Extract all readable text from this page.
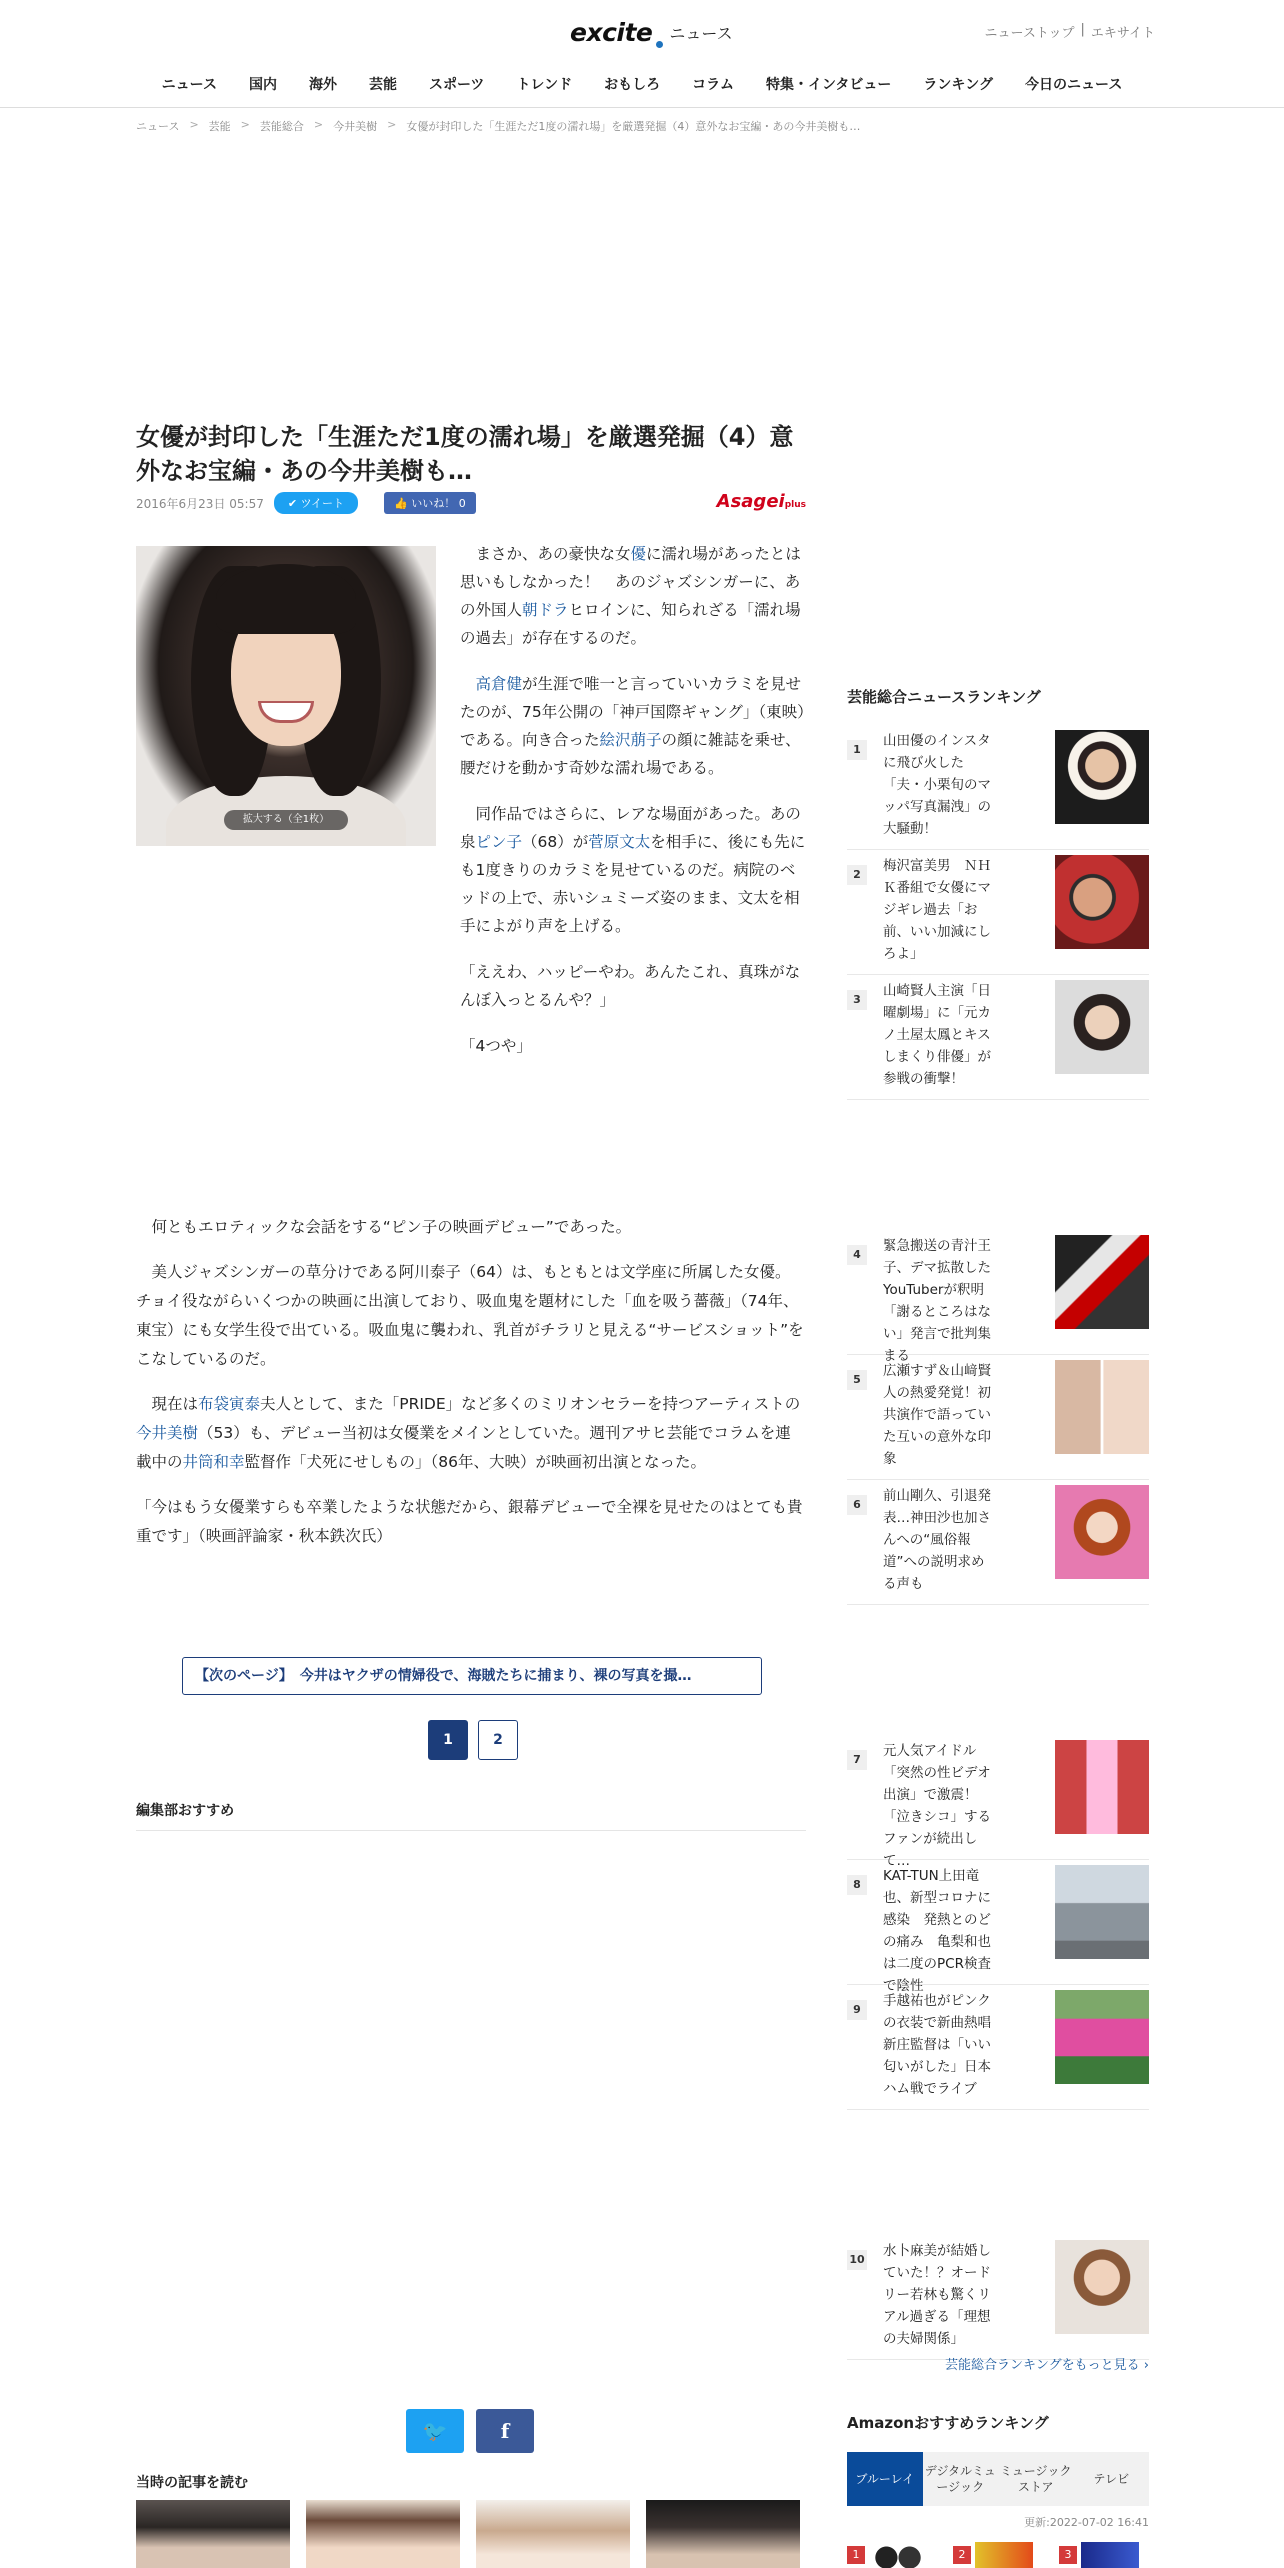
excite ニュース	ニューストップ | エキサイト
ニュース 国内 海外 芸能 スポーツ トレンド おもしろ コラム 特集・インタビュー ランキング 今日のニュース
ニュース > 芸能 > 芸能総合 > 今井美樹 > 女優が封印した「生涯ただ1度の濡れ場」を厳選発掘（4）意外なお宝編・あの今井美樹も…
女優が封印した「生涯ただ1度の濡れ場」を厳選発掘（4）意外なお宝編・あの今井美樹も…
2016年6月23日 05:57	✔︎ ツイート	👍 いいね！ 0	Asageiplus
拡大する（全1枚）

まさか、あの豪快な女優に濡れ場があったとは思いもしなかった！　あのジャズシンガーに、あの外国人朝ドラヒロインに、知られざる「濡れ場の過去」が存在するのだ。

高倉健が生涯で唯一と言っていいカラミを見せたのが、75年公開の「神戸国際ギャング」（東映）である。向き合った絵沢萠子の顔に雑誌を乗せ、腰だけを動かす奇妙な濡れ場である。

同作品ではさらに、レアな場面があった。あの泉ピン子（68）が菅原文太を相手に、後にも先にも1度きりのカラミを見せているのだ。病院のベッドの上で、赤いシュミーズ姿のまま、文太を相手によがり声を上げる。

「ええわ、ハッピーやわ。あんたこれ、真珠がなんぼ入っとるんや？」

「4つや」

何ともエロティックな会話をする“ピン子の映画デビュー”であった。

美人ジャズシンガーの草分けである阿川泰子（64）は、もともとは文学座に所属した女優。チョイ役ながらいくつかの映画に出演しており、吸血鬼を題材にした「血を吸う薔薇」（74年、東宝）にも女学生役で出ている。吸血鬼に襲われ、乳首がチラリと見える“サービスショット”をこなしているのだ。

現在は布袋寅泰夫人として、また「PRIDE」など多くのミリオンセラーを持つアーティストの今井美樹（53）も、デビュー当初は女優業をメインとしていた。週刊アサヒ芸能でコラムを連載中の井筒和幸監督作「犬死にせしもの」（86年、大映）が映画初出演となった。

「今はもう女優業すらも卒業したような状態だから、銀幕デビューで全裸を見せたのはとても貴重です」（映画評論家・秋本鉄次氏）

【次のページ】　今井はヤクザの情婦役で、海賊たちに捕まり、裸の写真を撮…
1	2
編集部おすすめ
🐦	f
当時の記事を読む
芸能総合ニュースランキング
1
山田優のインスタに飛び火した「夫・小栗旬のマッパ写真漏洩」の大騒動！
2
梅沢富美男　ＮＨＫ番組で女優にマジギレ過去「お前、いい加減にしろよ」
3
山崎賢人主演「日曜劇場」に「元カノ土屋太鳳とキスしまくり俳優」が参戦の衝撃！
4
緊急搬送の青汁王子、デマ拡散したYouTuberが釈明「謝るところはない」発言で批判集まる
5
広瀬すず＆山﨑賢人の熱愛発覚！初共演作で語っていた互いの意外な印象
6
前山剛久、引退発表…神田沙也加さんへの“風俗報道”への説明求める声も
7
元人気アイドル「突然の性ビデオ出演」で激震！「泣きシコ」するファンが続出して…
8
KAT-TUN上田竜也、新型コロナに感染　発熱とのどの痛み　亀梨和也は二度のPCR検査で陰性
9
手越祐也がピンクの衣装で新曲熱唱　新庄監督は「いい匂いがした」日本ハム戦でライブ
10
水卜麻美が結婚していた！？オードリー若林も驚くリアル過ぎる「理想の夫婦関係」
芸能総合ランキングをもっと見る ›
Amazonおすすめランキング
ブルーレイ
デジタルミュージック
ミュージックストア
テレビ
更新:2022-07-02 16:41
1	2	3
